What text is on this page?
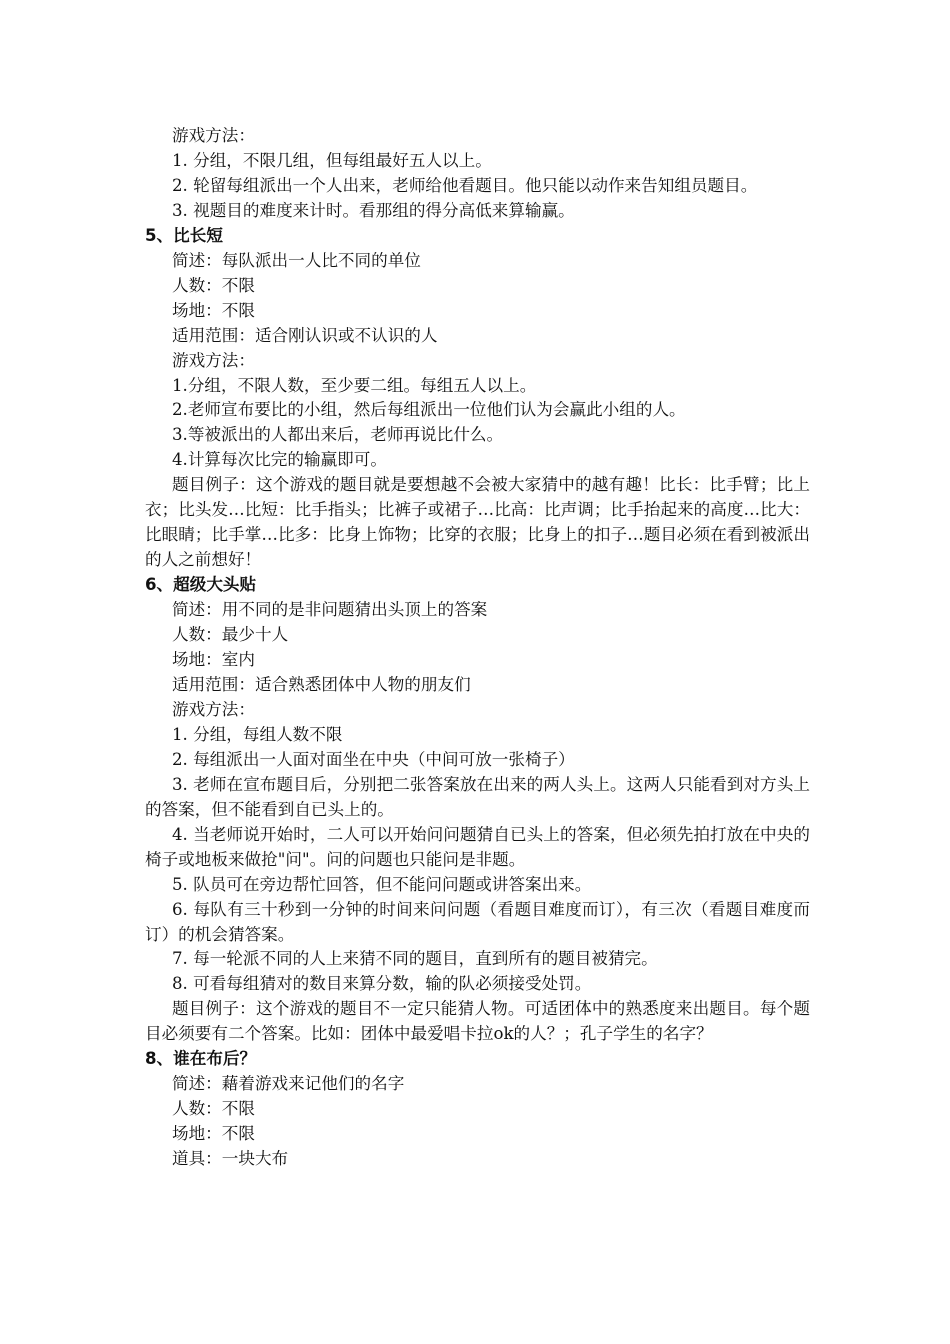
游戏方法：

1. 分组，不限几组，但每组最好五人以上。

2. 轮留每组派出一个人出来，老师给他看题目。他只能以动作来告知组员题目。

3. 视题目的难度来计时。看那组的得分高低来算输赢。

5、比长短

简述：每队派出一人比不同的单位

人数：不限

场地：不限

适用范围：适合刚认识或不认识的人

游戏方法：

1.分组，不限人数，至少要二组。每组五人以上。

2.老师宣布要比的小组，然后每组派出一位他们认为会赢此小组的人。

3.等被派出的人都出来后，老师再说比什么。

4.计算每次比完的输赢即可。

题目例子：这个游戏的题目就是要想越不会被大家猜中的越有趣！比长：比手臂；比上衣；比头发…比短：比手指头；比裤子或裙子…比高：比声调；比手抬起来的高度…比大：比眼睛；比手掌…比多：比身上饰物；比穿的衣服；比身上的扣子…题目必须在看到被派出的人之前想好！

6、超级大头贴

简述：用不同的是非问题猜出头顶上的答案

人数：最少十人

场地：室内

适用范围：适合熟悉团体中人物的朋友们

游戏方法：

1. 分组，每组人数不限

2. 每组派出一人面对面坐在中央（中间可放一张椅子）

3. 老师在宣布题目后，分别把二张答案放在出来的两人头上。这两人只能看到对方头上的答案，但不能看到自已头上的。

4. 当老师说开始时，二人可以开始问问题猜自已头上的答案，但必须先拍打放在中央的椅子或地板来做抢"问"。问的问题也只能问是非题。

5. 队员可在旁边帮忙回答，但不能问问题或讲答案出来。

6. 每队有三十秒到一分钟的时间来问问题（看题目难度而订），有三次（看题目难度而订）的机会猜答案。

7. 每一轮派不同的人上来猜不同的题目，直到所有的题目被猜完。

8. 可看每组猜对的数目来算分数，输的队必须接受处罚。

题目例子：这个游戏的题目不一定只能猜人物。可适团体中的熟悉度来出题目。每个题目必须要有二个答案。比如：团体中最爱唱卡拉ok的人？；孔子学生的名字？

8、谁在布后？

简述：藉着游戏来记他们的名字

人数：不限

场地：不限

道具：一块大布
